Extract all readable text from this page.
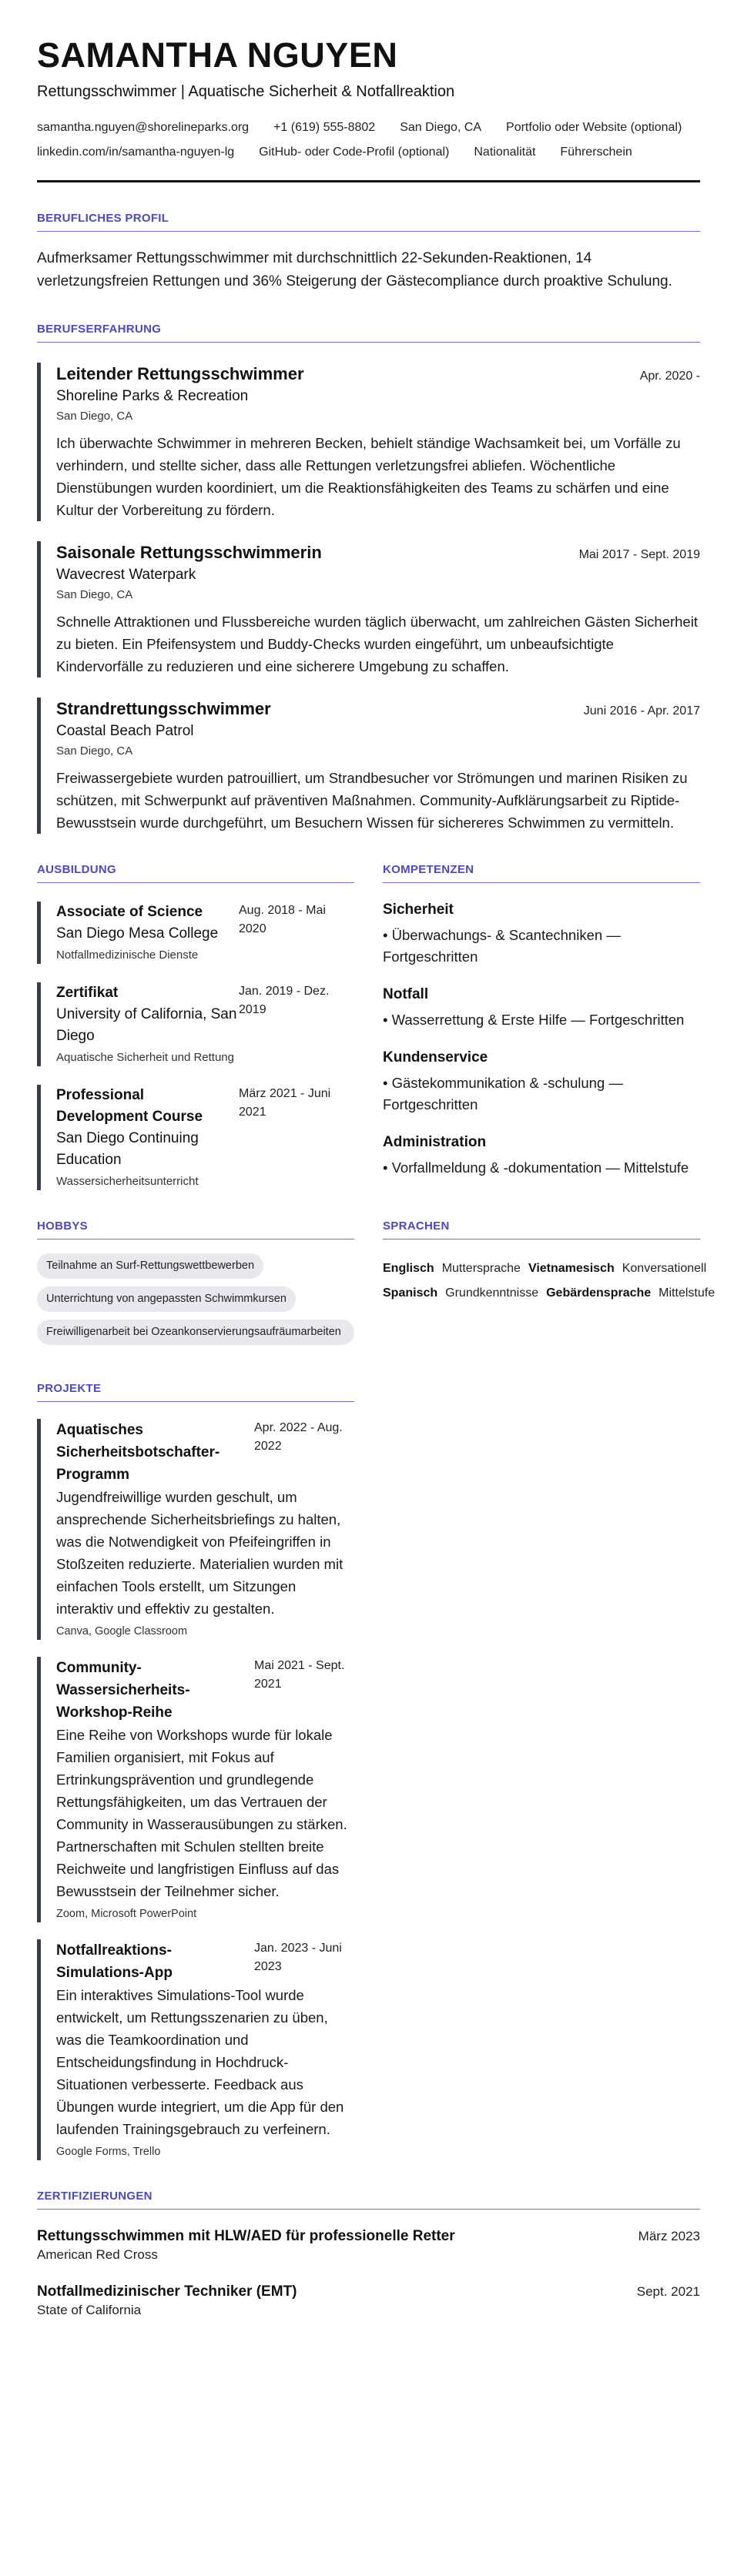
SAMANTHA NGUYEN
Rettungsschwimmer | Aquatische Sicherheit & Notfallreaktion
samantha.nguyen@shorelineparks.org +1 (619) 555-8802 San Diego, CA Portfolio oder Website (optional)
linkedin.com/in/samantha-nguyen-lg GitHub- oder Code-Profil (optional) Nationalität Führerschein
BERUFLICHES PROFIL
Aufmerksamer Rettungsschwimmer mit durchschnittlich 22-Sekunden-Reaktionen, 14 verletzungsfreien Rettungen und 36% Steigerung der Gästecompliance durch proaktive Schulung.
BERUFSERFAHRUNG
Leitender Rettungsschwimmer	Apr. 2020 -
Shoreline Parks & Recreation
San Diego, CA
Ich überwachte Schwimmer in mehreren Becken, behielt ständige Wachsamkeit bei, um Vorfälle zu verhindern, und stellte sicher, dass alle Rettungen verletzungsfrei abliefen. Wöchentliche Dienstübungen wurden koordiniert, um die Reaktionsfähigkeiten des Teams zu schärfen und eine Kultur der Vorbereitung zu fördern.
Saisonale Rettungsschwimmerin	Mai 2017 - Sept. 2019
Wavecrest Waterpark
San Diego, CA
Schnelle Attraktionen und Flussbereiche wurden täglich überwacht, um zahlreichen Gästen Sicherheit zu bieten. Ein Pfeifensystem und Buddy-Checks wurden eingeführt, um unbeaufsichtigte Kindervorfälle zu reduzieren und eine sicherere Umgebung zu schaffen.
Strandrettungsschwimmer	Juni 2016 - Apr. 2017
Coastal Beach Patrol
San Diego, CA
Freiwassergebiete wurden patrouilliert, um Strandbesucher vor Strömungen und marinen Risiken zu schützen, mit Schwerpunkt auf präventiven Maßnahmen. Community-Aufklärungsarbeit zu Riptide-Bewusstsein wurde durchgeführt, um Besuchern Wissen für sichereres Schwimmen zu vermitteln.
AUSBILDUNG
Associate of Science
San Diego Mesa College
Notfallmedizinische Dienste
Aug. 2018 - Mai 2020
Zertifikat
University of California, San Diego
Aquatische Sicherheit und Rettung
Jan. 2019 - Dez. 2019
Professional Development Course
San Diego Continuing Education
Wassersicherheitsunterricht
März 2021 - Juni 2021
KOMPETENZEN
Sicherheit
• Überwachungs- & Scantechniken — Fortgeschritten
Notfall
• Wasserrettung & Erste Hilfe — Fortgeschritten
Kundenservice
• Gästekommunikation & -schulung — Fortgeschritten
Administration
• Vorfallmeldung & -dokumentation — Mittelstufe
HOBBYS
Teilnahme an Surf-Rettungswettbewerben
Unterrichtung von angepassten Schwimmkursen
Freiwilligenarbeit bei Ozeankonservierungsaufräumarbeiten
SPRACHEN
Englisch Muttersprache Vietnamesisch Konversationell
Spanisch Grundkenntnisse Gebärdensprache Mittelstufe
PROJEKTE
Aquatisches Sicherheitsbotschafter-Programm
Apr. 2022 - Aug. 2022
Jugendfreiwillige wurden geschult, um ansprechende Sicherheitsbriefings zu halten, was die Notwendigkeit von Pfeifeingriffen in Stoßzeiten reduzierte. Materialien wurden mit einfachen Tools erstellt, um Sitzungen interaktiv und effektiv zu gestalten.
Canva, Google Classroom
Community-Wassersicherheits-Workshop-Reihe
Mai 2021 - Sept. 2021
Eine Reihe von Workshops wurde für lokale Familien organisiert, mit Fokus auf Ertrinkungsprävention und grundlegende Rettungsfähigkeiten, um das Vertrauen der Community in Wasserausübungen zu stärken. Partnerschaften mit Schulen stellten breite Reichweite und langfristigen Einfluss auf das Bewusstsein der Teilnehmer sicher.
Zoom, Microsoft PowerPoint
Notfallreaktions-Simulations-App
Jan. 2023 - Juni 2023
Ein interaktives Simulations-Tool wurde entwickelt, um Rettungsszenarien zu üben, was die Teamkoordination und Entscheidungsfindung in Hochdruck-Situationen verbesserte. Feedback aus Übungen wurde integriert, um die App für den laufenden Trainingsgebrauch zu verfeinern.
Google Forms, Trello
ZERTIFIZIERUNGEN
Rettungsschwimmen mit HLW/AED für professionelle Retter	März 2023
American Red Cross
Notfallmedizinischer Techniker (EMT)	Sept. 2021
State of California
